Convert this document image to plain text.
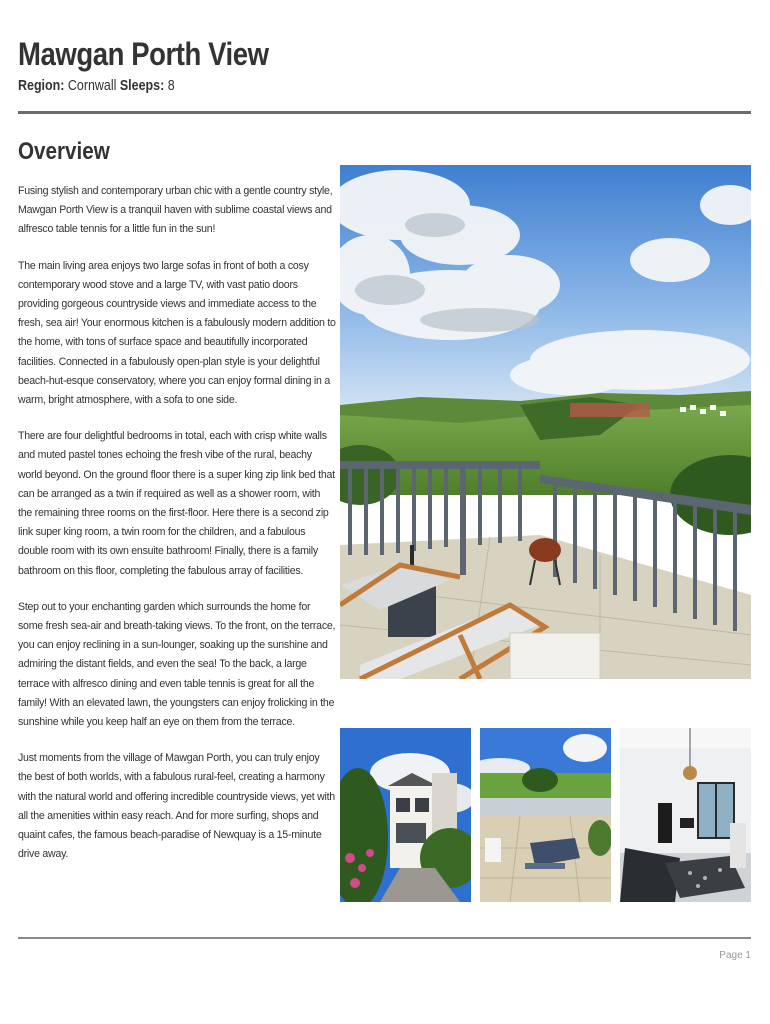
Mawgan Porth View
Region: Cornwall Sleeps: 8
Overview

Fusing stylish and contemporary urban chic with a gentle country style, Mawgan Porth View is a tranquil haven with sublime coastal views and alfresco table tennis for a little fun in the sun!

The main living area enjoys two large sofas in front of both a cosy contemporary wood stove and a large TV, with vast patio doors providing gorgeous countryside views and immediate access to the fresh, sea air! Your enormous kitchen is a fabulously modern addition to the home, with tons of surface space and beautifully incorporated facilities. Connected in a fabulously open-plan style is your delightful beach-hut-esque conservatory, where you can enjoy formal dining in a warm, bright atmosphere, with a sofa to one side.

There are four delightful bedrooms in total, each with crisp white walls and muted pastel tones echoing the fresh vibe of the rural, beachy world beyond. On the ground floor there is a super king zip link bed that can be arranged as a twin if required as well as a shower room, with the remaining three rooms on the first-floor. Here there is a second zip link super king room, a twin room for the children, and a fabulous double room with its own ensuite bathroom! Finally, there is a family bathroom on this floor, completing the fabulous array of facilities.

Step out to your enchanting garden which surrounds the home for some fresh sea-air and breath-taking views. To the front, on the terrace, you can enjoy reclining in a sun-lounger, soaking up the sunshine and admiring the distant fields, and even the sea! To the back, a large terrace with alfresco dining and even table tennis is great for all the family! With an elevated lawn, the youngsters can enjoy frolicking in the sunshine while you keep half an eye on them from the terrace.

Just moments from the village of Mawgan Porth, you can truly enjoy the best of both worlds, with a fabulous rural-feel, creating a harmony with the natural world and offering incredible countryside views, yet with all the amenities within easy reach. And for more surfing, shops and quaint cafes, the famous beach-paradise of Newquay is a 15-minute drive away.

Page 1
